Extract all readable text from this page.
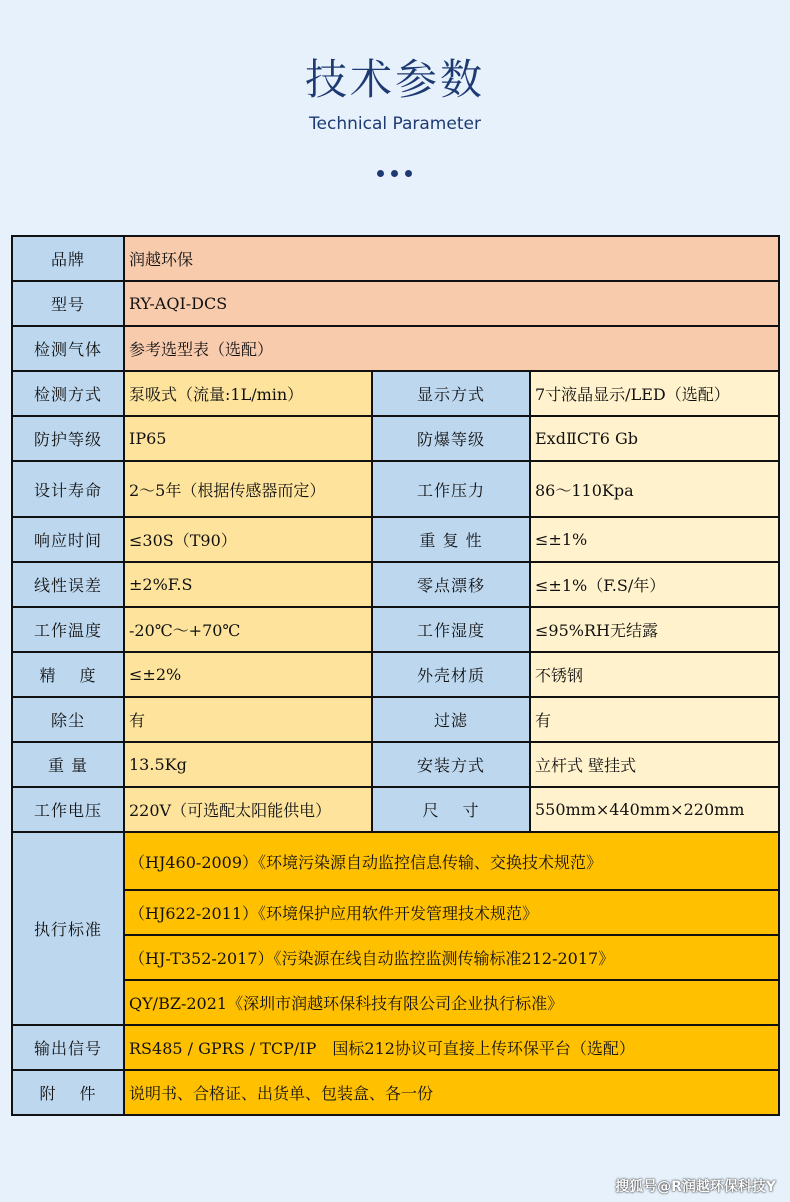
技术参数
Technical Parameter
品牌	润越环保		
型号	RY-AQI-DCS		
检测气体	参考选型表（选配）		
检测方式	泵吸式（流量:1L/min）	显示方式	7寸液晶显示/LED（选配）
防护等级	IP65	防爆等级	ExdⅡCT6 Gb
设计寿命	2～5年（根据传感器而定）	工作压力	86～110Kpa
响应时间	≤30S（T90）	重 复 性	≤±1%
线性误差	±2%F.S	零点漂移	≤±1%（F.S/年）
工作温度	-20℃～+70℃	工作湿度	≤95%RH无结露
精　 度	≤±2%	外壳材质	不锈钢
除尘	有	过滤	有
重 量	13.5Kg	安装方式	立杆式 壁挂式
工作电压	220V（可选配太阳能供电）	尺　 寸	550mm×440mm×220mm
执行标准	（HJ460-2009）《环境污染源自动监控信息传输、交换技术规范》		
	（HJ622-2011）《环境保护应用软件开发管理技术规范》		
	（HJ-T352-2017）《污染源在线自动监控监测传输标准212-2017》		
	QY/BZ-2021《深圳市润越环保科技有限公司企业执行标准》		
输出信号	RS485 / GPRS / TCP/IP　国标212协议可直接上传环保平台（选配）		
附　 件	说明书、合格证、出货单、包装盒、各一份		
搜狐号@R润越环保科技Y
